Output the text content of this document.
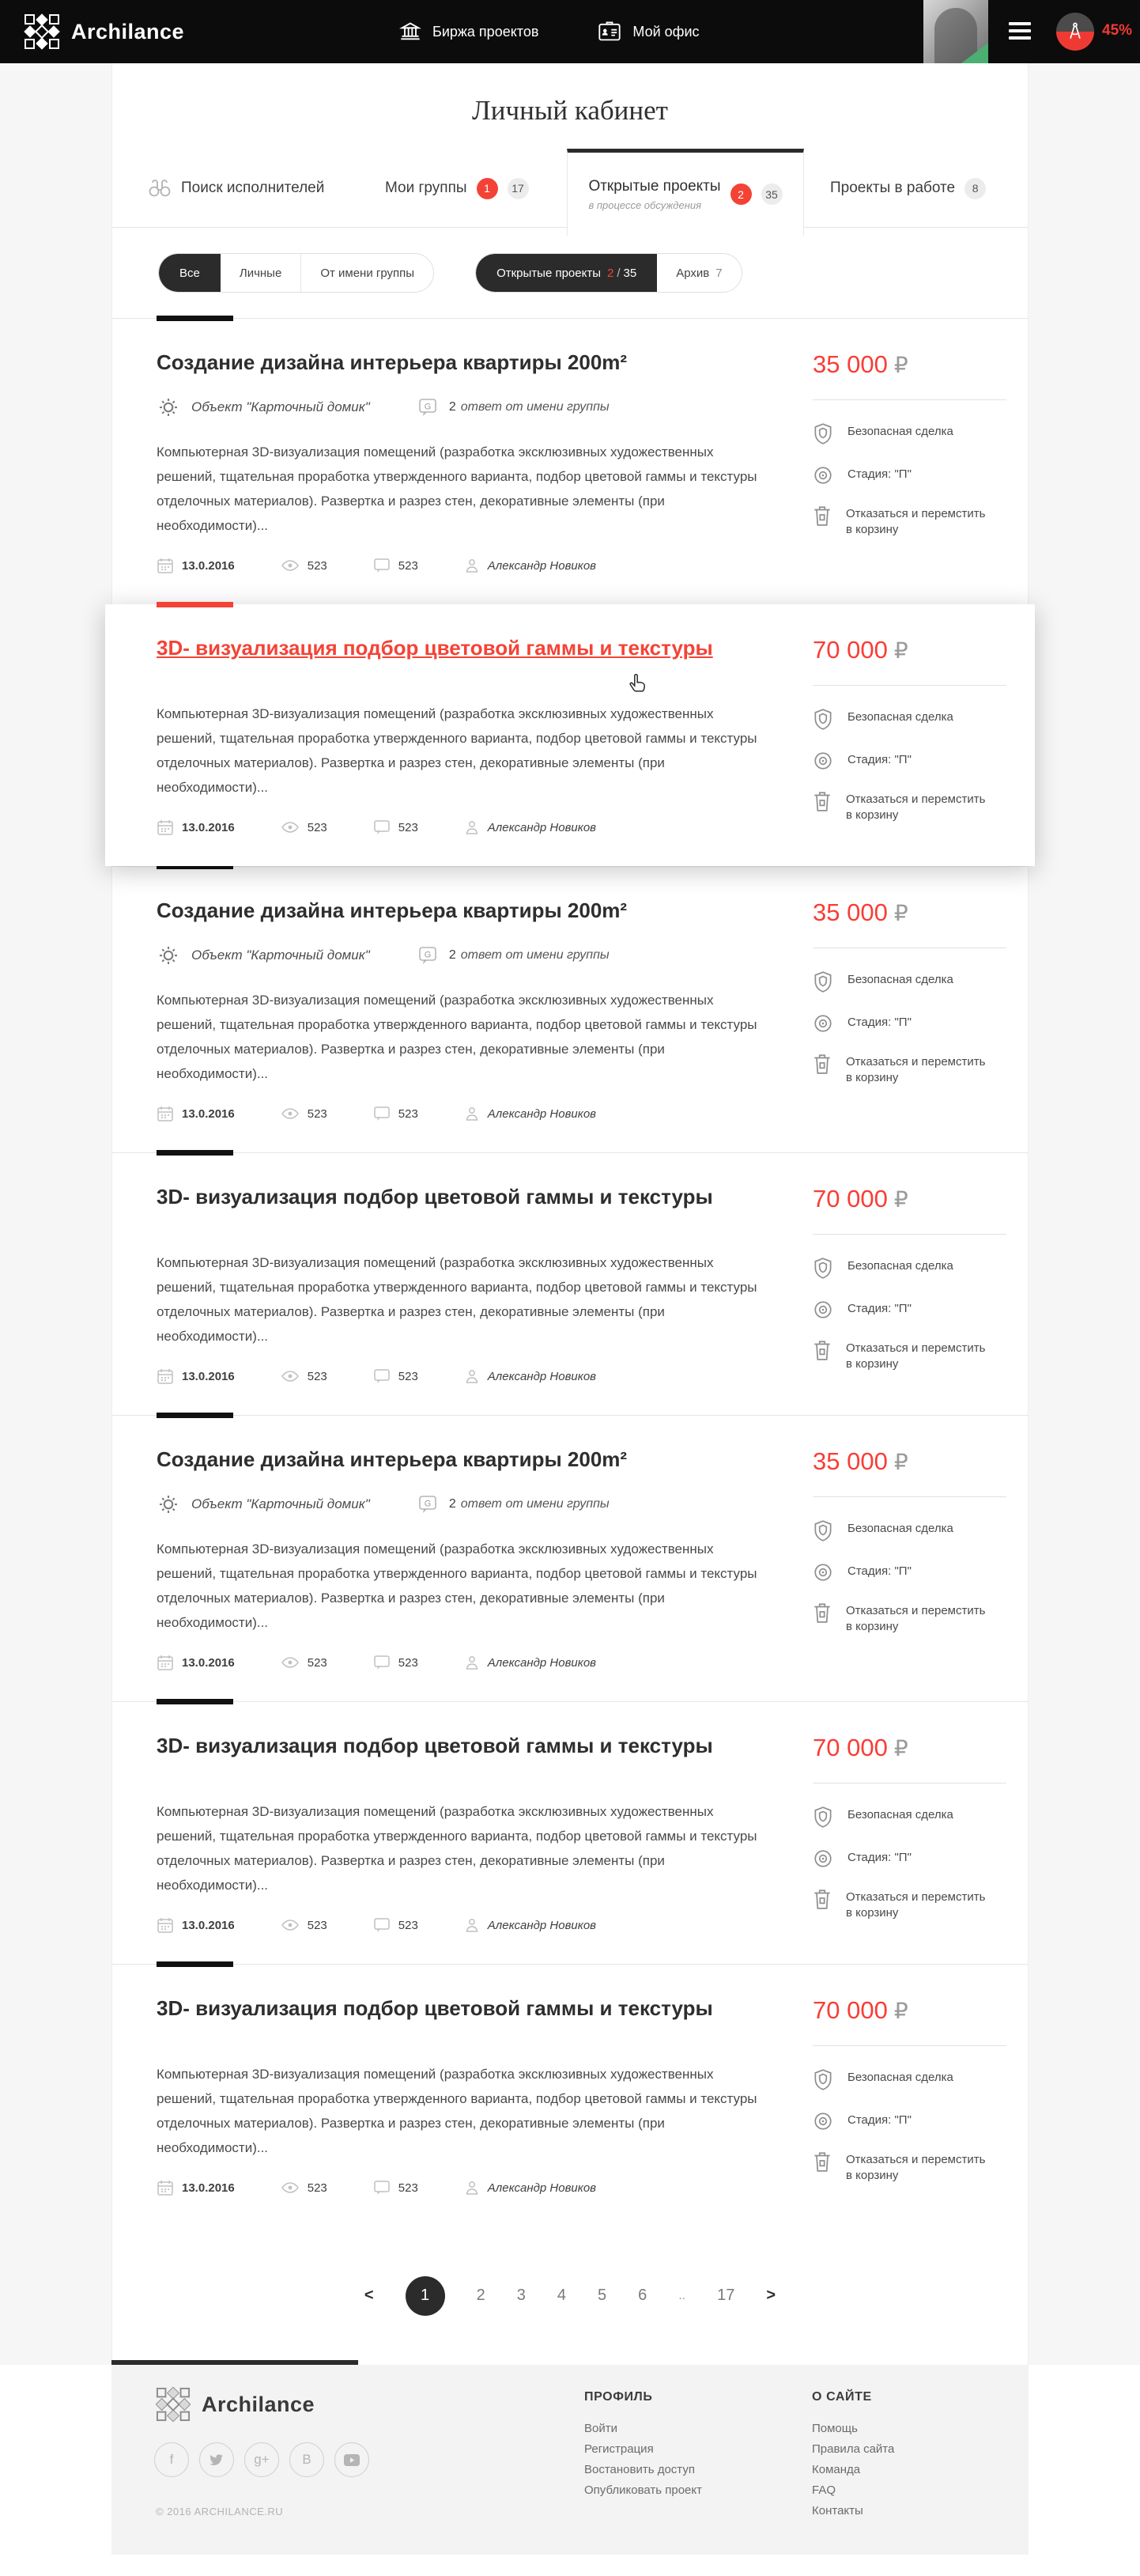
Archilance	Биржа проектов	Мой офис	45%
Личный кабинет
Поиск исполнителей	Мои группы	1	17	Открытые проекты
в процессе обсуждения
2	35	Проекты в работе	8
Все	Личные	От имени группы	Открытые проекты 2 / 35	Архив 7
Создание дизайна интерьера квартиры 200m²
Объект "Карточный домик"	G 2 ответ от имени группы
Компьютерная 3D-визуализация помещений (разработка эксклюзивных художественных решений, тщательная проработка утвержденного варианта, подбор цветовой гаммы и текстуры отделочных материалов). Развертка и разрез стен, декоративные элементы (при необходимости)...
13.0.2016	523	523	Александр Новиков
35 000 ₽
Безопасная сделка
Стадия: "П"
Отказаться и перемстить
в корзину
3D- визуализация подбор цветовой гаммы и текстуры
Компьютерная 3D-визуализация помещений (разработка эксклюзивных художественных решений, тщательная проработка утвержденного варианта, подбор цветовой гаммы и текстуры отделочных материалов). Развертка и разрез стен, декоративные элементы (при необходимости)...
13.0.2016	523	523	Александр Новиков
70 000 ₽
Безопасная сделка
Стадия: "П"
Отказаться и перемстить
в корзину
Создание дизайна интерьера квартиры 200m²
Объект "Карточный домик"	G 2 ответ от имени группы
Компьютерная 3D-визуализация помещений (разработка эксклюзивных художественных решений, тщательная проработка утвержденного варианта, подбор цветовой гаммы и текстуры отделочных материалов). Развертка и разрез стен, декоративные элементы (при необходимости)...
13.0.2016	523	523	Александр Новиков
35 000 ₽
Безопасная сделка
Стадия: "П"
Отказаться и перемстить
в корзину
3D- визуализация подбор цветовой гаммы и текстуры
Компьютерная 3D-визуализация помещений (разработка эксклюзивных художественных решений, тщательная проработка утвержденного варианта, подбор цветовой гаммы и текстуры отделочных материалов). Развертка и разрез стен, декоративные элементы (при необходимости)...
13.0.2016	523	523	Александр Новиков
70 000 ₽
Безопасная сделка
Стадия: "П"
Отказаться и перемстить
в корзину
Создание дизайна интерьера квартиры 200m²
Объект "Карточный домик"	G 2 ответ от имени группы
Компьютерная 3D-визуализация помещений (разработка эксклюзивных художественных решений, тщательная проработка утвержденного варианта, подбор цветовой гаммы и текстуры отделочных материалов). Развертка и разрез стен, декоративные элементы (при необходимости)...
13.0.2016	523	523	Александр Новиков
35 000 ₽
Безопасная сделка
Стадия: "П"
Отказаться и перемстить
в корзину
3D- визуализация подбор цветовой гаммы и текстуры
Компьютерная 3D-визуализация помещений (разработка эксклюзивных художественных решений, тщательная проработка утвержденного варианта, подбор цветовой гаммы и текстуры отделочных материалов). Развертка и разрез стен, декоративные элементы (при необходимости)...
13.0.2016	523	523	Александр Новиков
70 000 ₽
Безопасная сделка
Стадия: "П"
Отказаться и перемстить
в корзину
3D- визуализация подбор цветовой гаммы и текстуры
Компьютерная 3D-визуализация помещений (разработка эксклюзивных художественных решений, тщательная проработка утвержденного варианта, подбор цветовой гаммы и текстуры отделочных материалов). Развертка и разрез стен, декоративные элементы (при необходимости)...
13.0.2016	523	523	Александр Новиков
70 000 ₽
Безопасная сделка
Стадия: "П"
Отказаться и перемстить
в корзину
<	1	2 3 4 5 6	.. 17 >
Archilance
f	g+	В
© 2016 ARCHILANCE.RU
ПРОФИЛЬ
Войти
Регистрация
Востановить доступ
Опубликовать проект
О САЙТЕ
Помощь
Правила сайта
Команда
FAQ
Контакты
